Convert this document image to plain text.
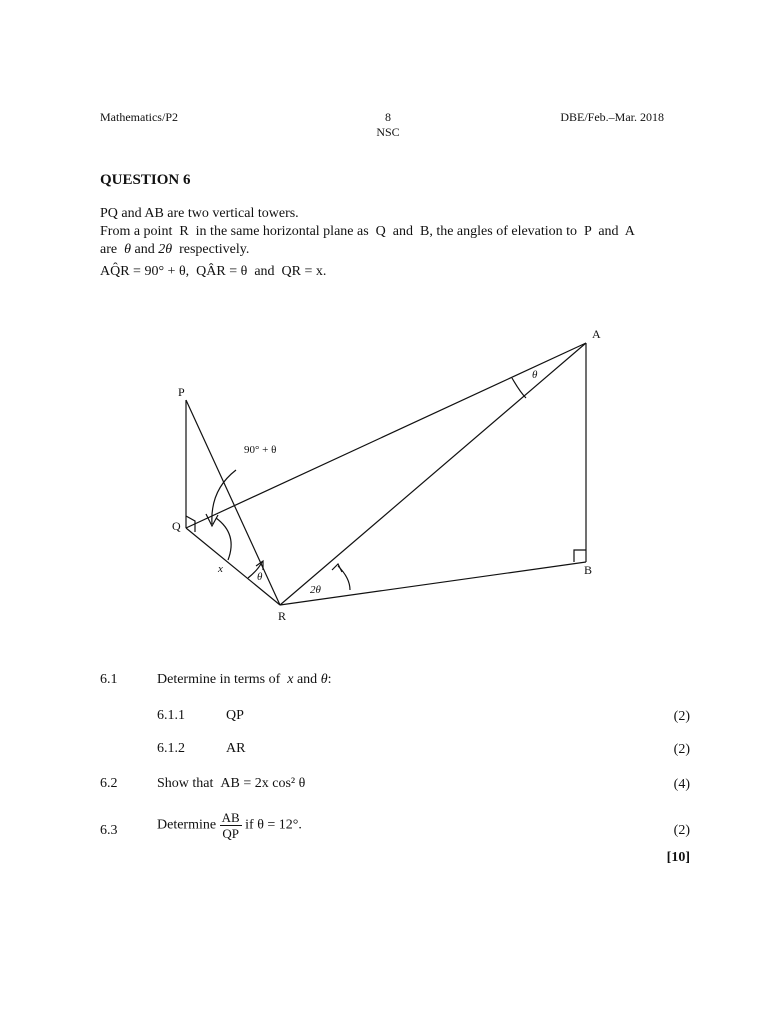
Mathematics/P2	8
NSC
DBE/Feb.–Mar. 2018
QUESTION 6
PQ and AB are two vertical towers.
From a point  R  in the same horizontal plane as  Q  and  B, the angles of elevation to  P  and  A
are θ and 2θ respectively.
AQ̂R = 90° + θ,  QÂR = θ  and  QR = x.
A
P
Q
B
R
90° + θ
θ
θ
2θ
x
6.1	Determine in terms of x and θ:
6.1.1	QP	(2)
6.1.2	AR	(2)
6.2	Show that AB = 2x cos² θ	(4)
6.3	Determine $\frac{AB}{QP}$ if θ = 12°.	(2)
[10]
